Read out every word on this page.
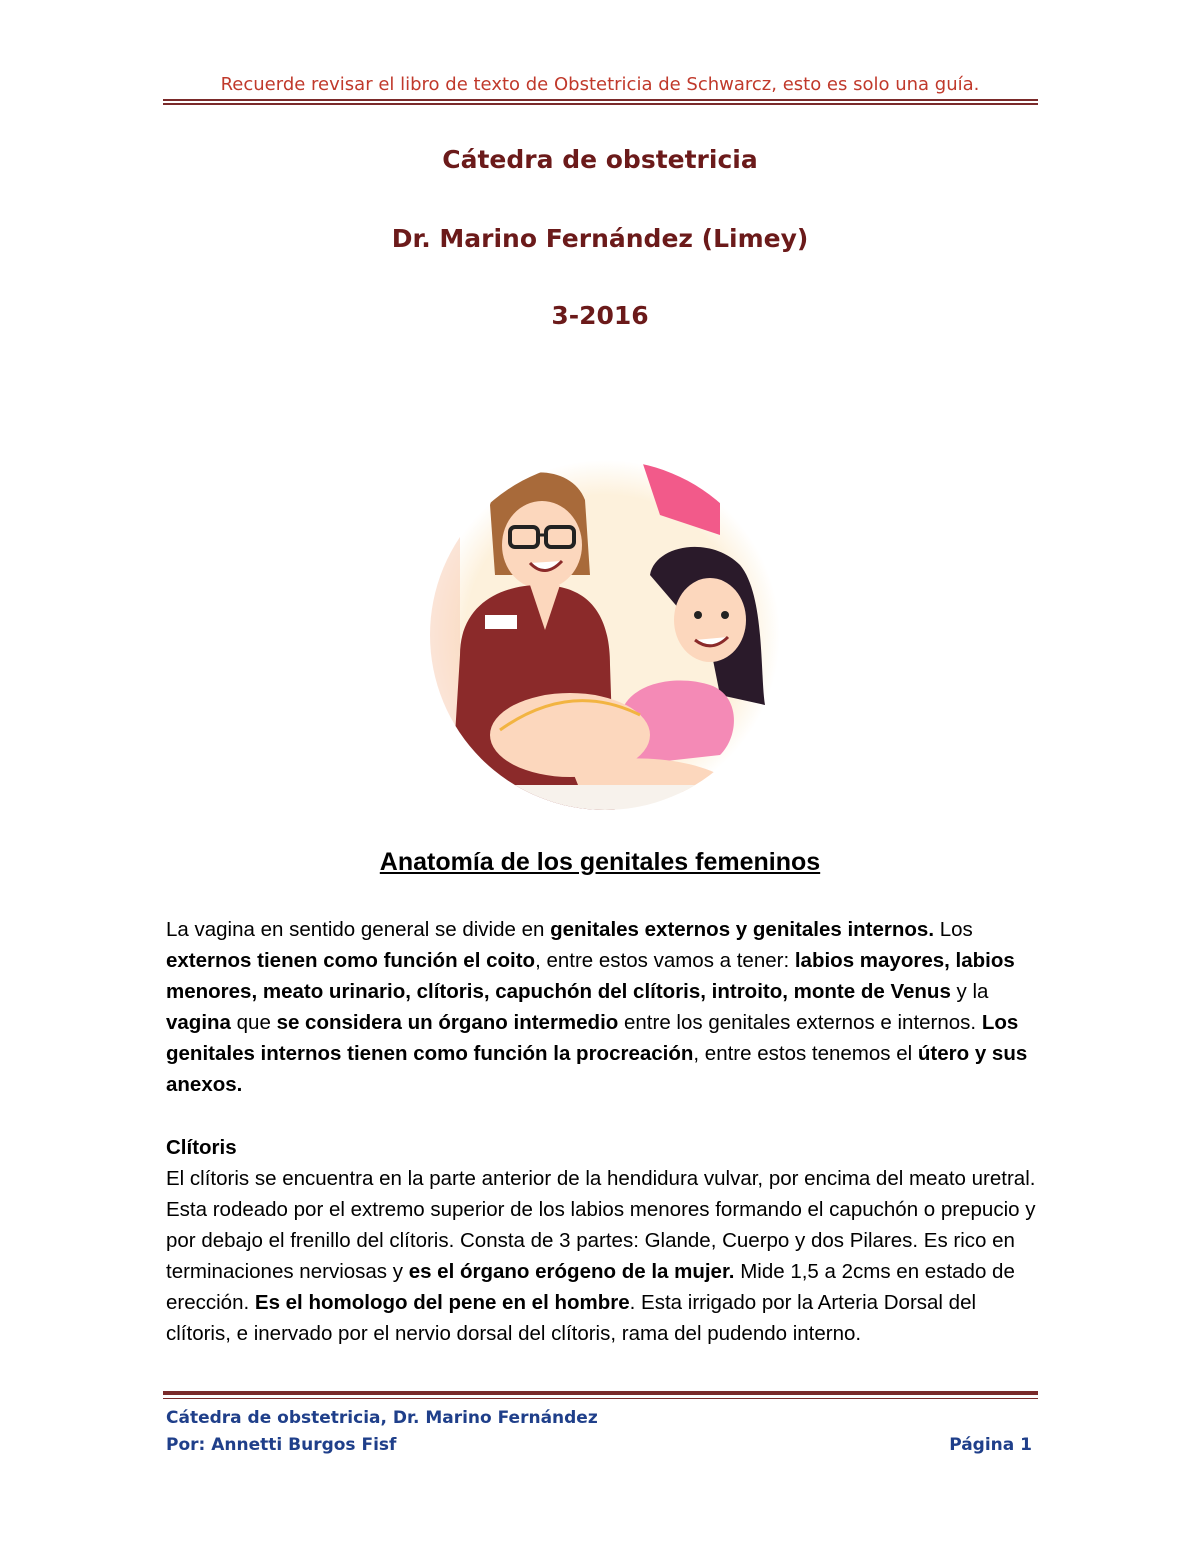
Recuerde revisar el libro de texto de Obstetricia de Schwarcz, esto es solo una guía.
Cátedra de obstetricia
Dr. Marino Fernández (Limey)
3-2016
Anatomía de los genitales femeninos
La vagina en sentido general se divide en genitales externos y genitales internos. Los externos tienen como función el coito, entre estos vamos a tener: labios mayores, labios menores, meato urinario, clítoris, capuchón del clítoris, introito, monte de Venus y la vagina que se considera un órgano intermedio entre los genitales externos e internos. Los genitales internos tienen como función la procreación, entre estos tenemos el útero y sus anexos.
Clítoris
El clítoris se encuentra en la parte anterior de la hendidura vulvar, por encima del meato uretral. Esta rodeado por el extremo superior de los labios menores formando el capuchón o prepucio y por debajo el frenillo del clítoris. Consta de 3 partes: Glande, Cuerpo y dos Pilares. Es rico en terminaciones nerviosas y es el órgano erógeno de la mujer. Mide 1,5 a 2cms en estado de erección. Es el homologo del pene en el hombre. Esta irrigado por la Arteria Dorsal del clítoris, e inervado por el nervio dorsal del clítoris, rama del pudendo interno.
Cátedra de obstetricia, Dr. Marino Fernández
Por: Annetti Burgos Fisf	Página 1
